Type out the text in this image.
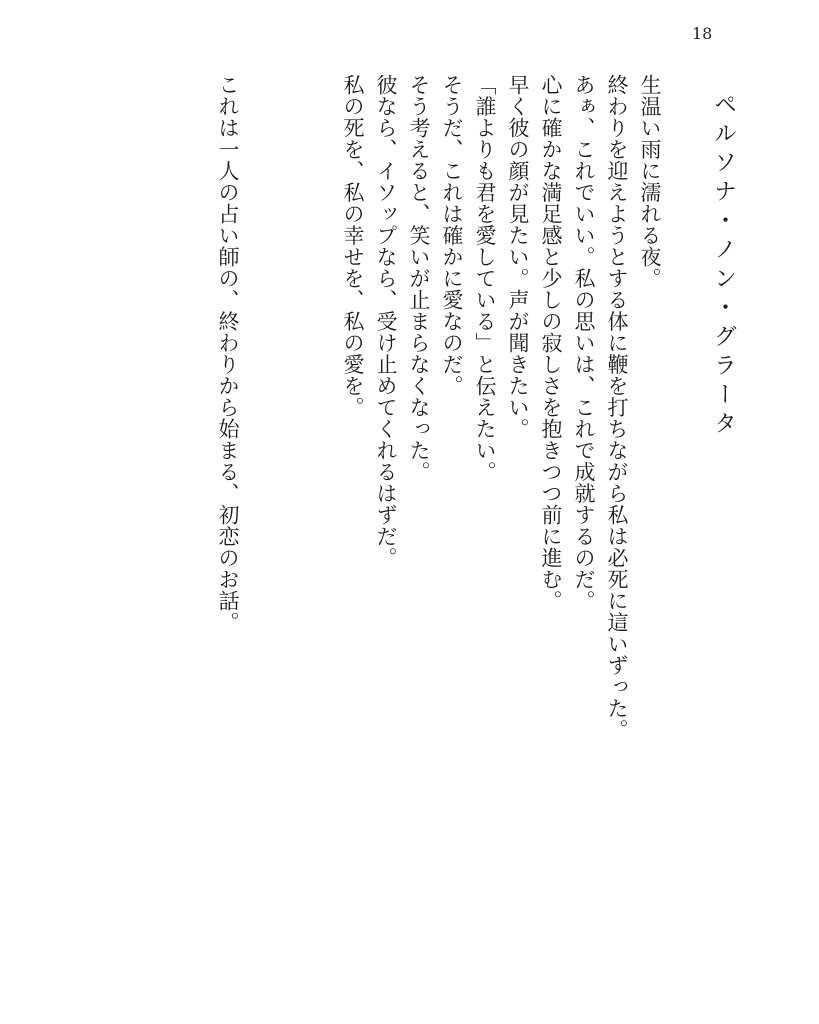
18
ペルソナ・ノン・グラータ
生温い雨に濡れる夜。
終わりを迎えようとする体に鞭を打ちながら私は必死に這いずった。
あぁ、これでいい。私の思いは、これで成就するのだ。
心に確かな満足感と少しの寂しさを抱きつつ前に進む。
早く彼の顔が見たい。声が聞きたい。
「誰よりも君を愛している」と伝えたい。
そうだ、これは確かに愛なのだ。
そう考えると、笑いが止まらなくなった。
彼なら、イソップなら、受け止めてくれるはずだ。
私の死を、私の幸せを、私の愛を。
これは一人の占い師の、終わりから始まる、初恋のお話。
